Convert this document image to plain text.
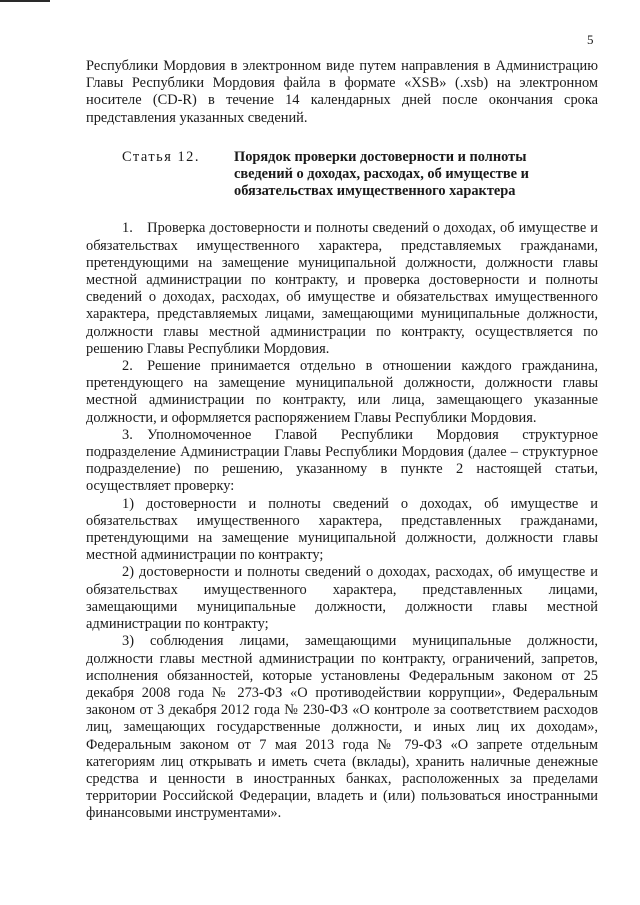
5

Республики Мордовия в электронном виде путем направления в Администрацию Главы Республики Мордовия файла в формате «XSB» (.xsb) на электронном носителе (CD-R) в течение 14 календарных дней после окончания срока представления указанных сведений.

Статья 12.	Порядок проверки достоверности и полноты сведений о доходах, расходах, об имуществе и обязательствах имущественного характера

1. Проверка достоверности и полноты сведений о доходах, об имуществе и обязательствах имущественного характера, представляемых гражданами, претендующими на замещение муниципальной должности, должности главы местной администрации по контракту, и проверка достоверности и полноты сведений о доходах, расходах, об имуществе и обязательствах имущественного характера, представляемых лицами, замещающими муниципальные должности, должности главы местной администрации по контракту, осуществляется по решению Главы Республики Мордовия.

2. Решение принимается отдельно в отношении каждого гражданина, претендующего на замещение муниципальной должности, должности главы местной администрации по контракту, или лица, замещающего указанные должности, и оформляется распоряжением Главы Республики Мордовия.

3. Уполномоченное Главой Республики Мордовия структурное подразделение Администрации Главы Республики Мордовия (далее – структурное подразделение) по решению, указанному в пункте 2 настоящей статьи, осуществляет проверку:

1) достоверности и полноты сведений о доходах, об имуществе и обязательствах имущественного характера, представленных гражданами, претендующими на замещение муниципальной должности, должности главы местной администрации по контракту;

2) достоверности и полноты сведений о доходах, расходах, об имуществе и обязательствах имущественного характера, представленных лицами, замещающими муниципальные должности, должности главы местной администрации по контракту;

3) соблюдения лицами, замещающими муниципальные должности, должности главы местной администрации по контракту, ограничений, запретов, исполнения обязанностей, которые установлены Федеральным законом от 25 декабря 2008 года № 273-ФЗ «О противодействии коррупции», Федеральным законом от 3 декабря 2012 года № 230-ФЗ «О контроле за соответствием расходов лиц, замещающих государственные должности, и иных лиц их доходам», Федеральным законом от 7 мая 2013 года № 79-ФЗ «О запрете отдельным категориям лиц открывать и иметь счета (вклады), хранить наличные денежные средства и ценности в иностранных банках, расположенных за пределами территории Российской Федерации, владеть и (или) пользоваться иностранными финансовыми инструментами».
